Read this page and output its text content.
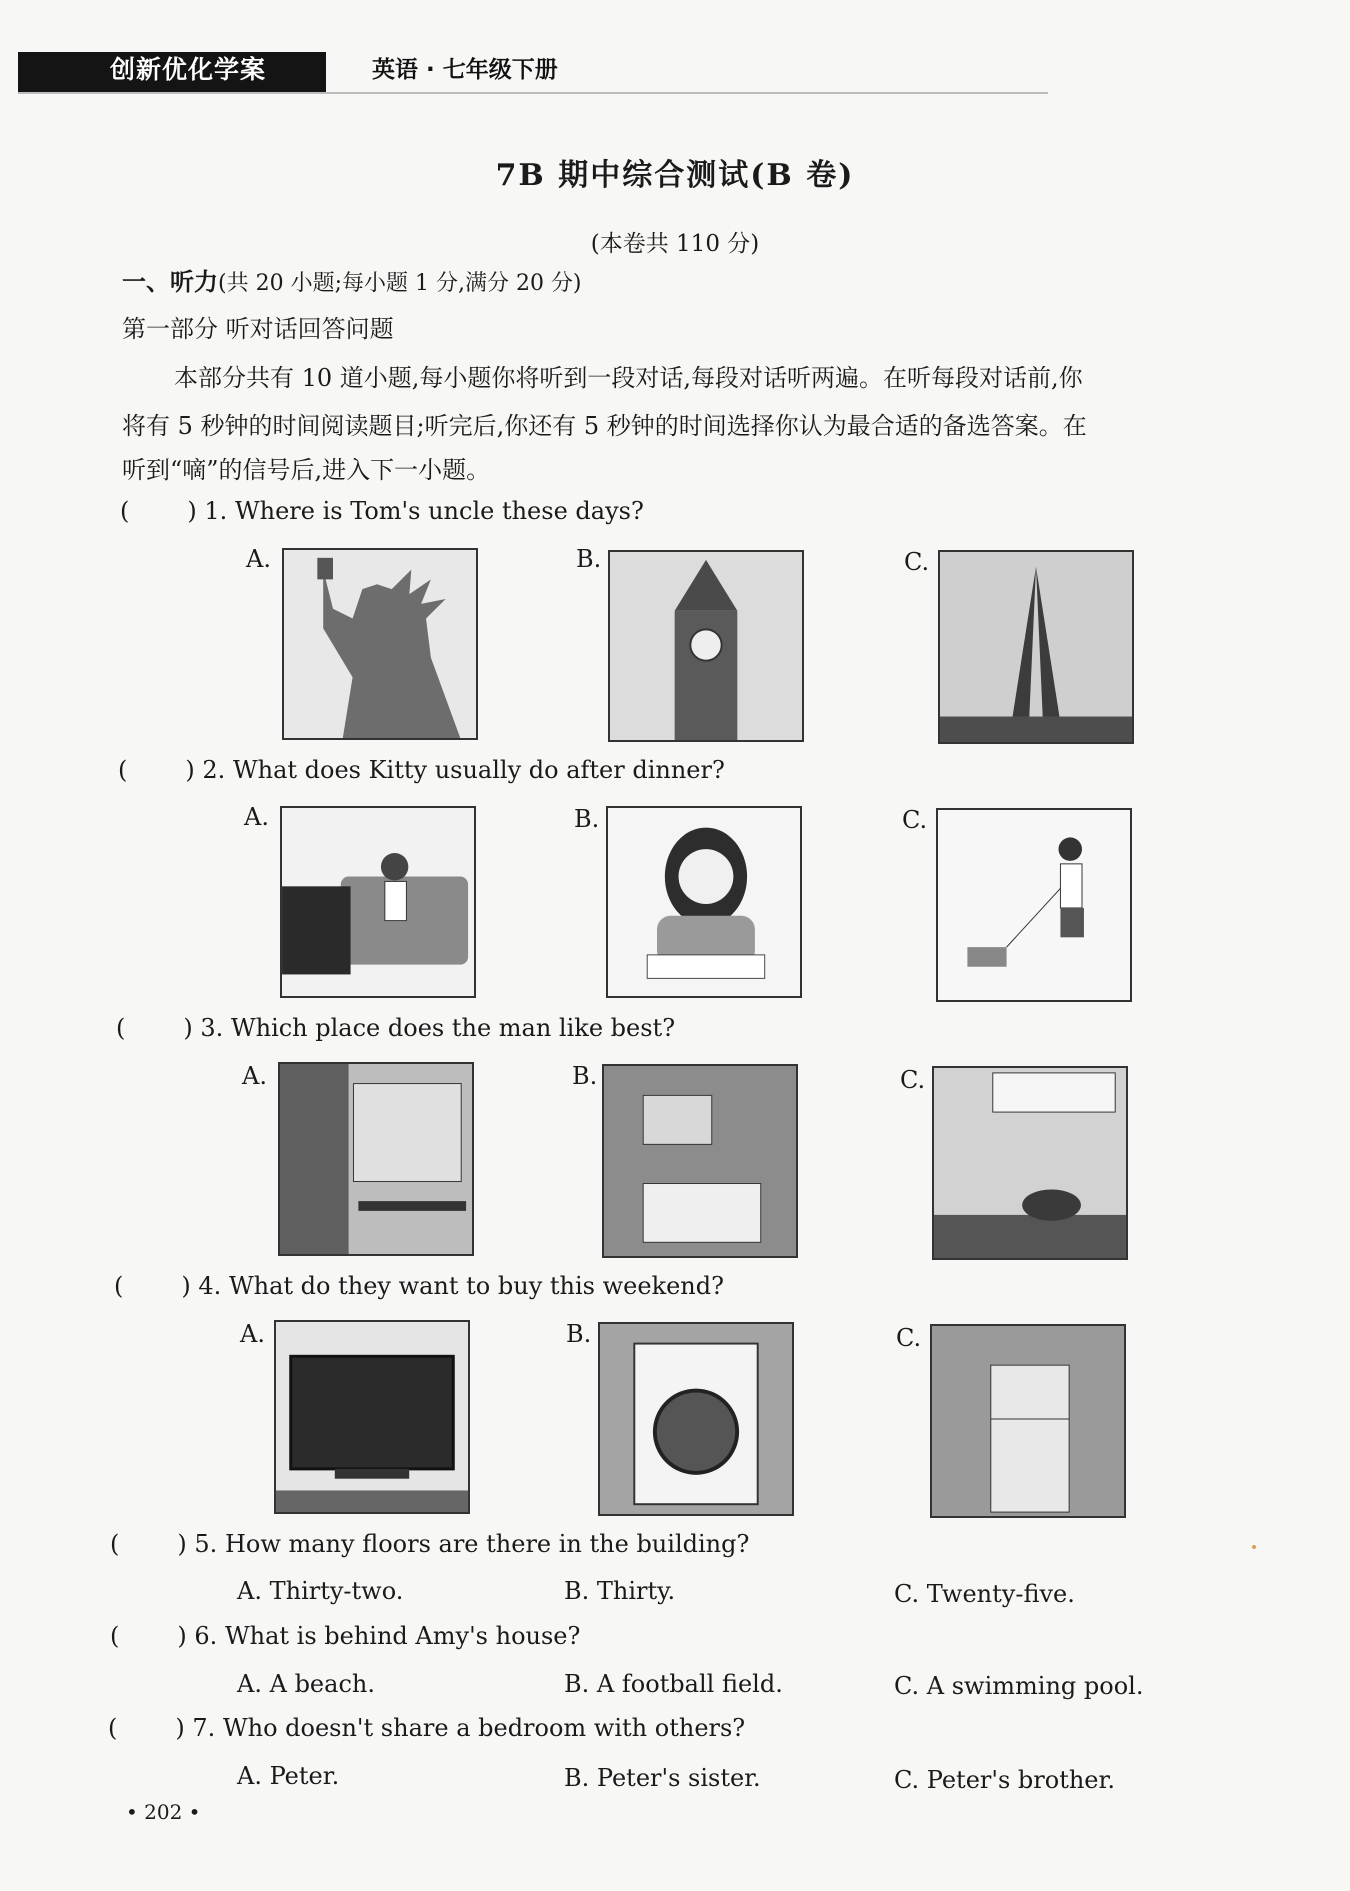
创新优化学案	英语 · 七年级下册
7B 期中综合测试(B 卷)
(本卷共 110 分)
一、听力(共 20 小题;每小题 1 分,满分 20 分)
第一部分 听对话回答问题
本部分共有 10 道小题,每小题你将听到一段对话,每段对话听两遍。在听每段对话前,你
将有 5 秒钟的时间阅读题目;听完后,你还有 5 秒钟的时间选择你认为最合适的备选答案。在
听到“嘀”的信号后,进入下一小题。
( ) 1. Where is Tom's uncle these days?
A.	B.	C.
( ) 2. What does Kitty usually do after dinner?
A.	B.	C.
( ) 3. Which place does the man like best?
A.	B.	C.
( ) 4. What do they want to buy this weekend?
A.	B.	C.
( ) 5. How many floors are there in the building?
A. Thirty-two.	B. Thirty.	C. Twenty-five.
( ) 6. What is behind Amy's house?
A. A beach.	B. A football field.	C. A swimming pool.
( ) 7. Who doesn't share a bedroom with others?
A. Peter.	B. Peter's sister.	C. Peter's brother.
• 202 •
